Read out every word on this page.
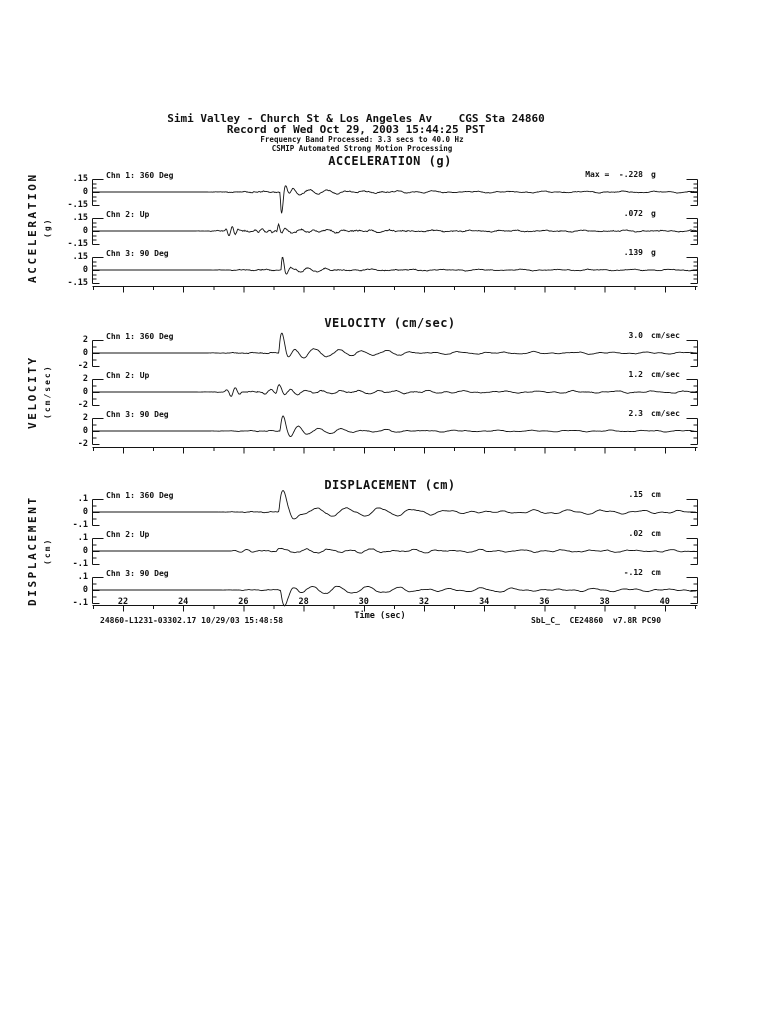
Simi Valley - Church St & Los Angeles Av    CGS Sta 24860
Record of Wed Oct 29, 2003 15:44:25 PST
Frequency Band Processed: 3.3 secs to 40.0 Hz
CSMIP Automated Strong Motion Processing
ACCELERATION (g)
VELOCITY (cm/sec)
DISPLACEMENT (cm)
ACCELERATION (g)
VELOCITY (cm/sec)
DISPLACEMENT (cm)
Time (sec)
24860-L1231-03302.17 10/29/03 15:48:58	SbL_C_  CE24860  v7.8R PC90
Chn 1: 360 Deg
.15
0
-.15
Max =  -.228 g
Chn 2: Up
.15
0
-.15
.072 g
Chn 3: 90 Deg
.15
0
-.15
.139 g
Chn 1: 360 Deg
2
0
-2
3.0 cm/sec
Chn 2: Up
2
0
-2
1.2 cm/sec
Chn 3: 90 Deg
2
0
-2
2.3 cm/sec
Chn 1: 360 Deg
.1
0
-.1
.15 cm
Chn 2: Up
.1
0
-.1
.02 cm
Chn 3: 90 Deg
.1
0
-.1
-.12 cm
22	24	26	28	30	32	34	36	38	40
